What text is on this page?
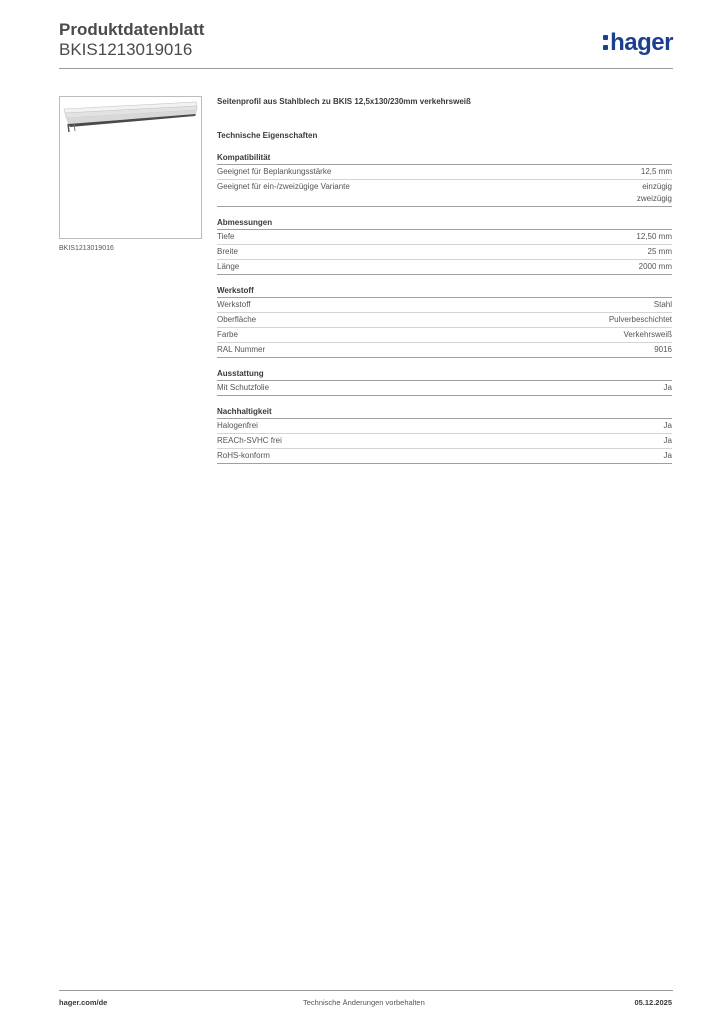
Produktdatenblatt
BKIS1213019016	hager
BKIS1213019016
Seitenprofil aus Stahlblech zu BKIS 12,5x130/230mm verkehrsweiß
Technische Eigenschaften
Kompatibilität
Geeignet für Beplankungsstärke	12,5 mm
Geeignet für ein-/zweizügige Variante	einzügig
zweizügig
Abmessungen
Tiefe	12,50 mm
Breite	25 mm
Länge	2000 mm
Werkstoff
Werkstoff	Stahl
Oberfläche	Pulverbeschichtet
Farbe	Verkehrsweiß
RAL Nummer	9016
Ausstattung
Mit Schutzfolie	Ja
Nachhaltigkeit
Halogenfrei	Ja
REACh-SVHC frei	Ja
RoHS-konform	Ja
hager.com/de	Technische Änderungen vorbehalten	05.12.2025
